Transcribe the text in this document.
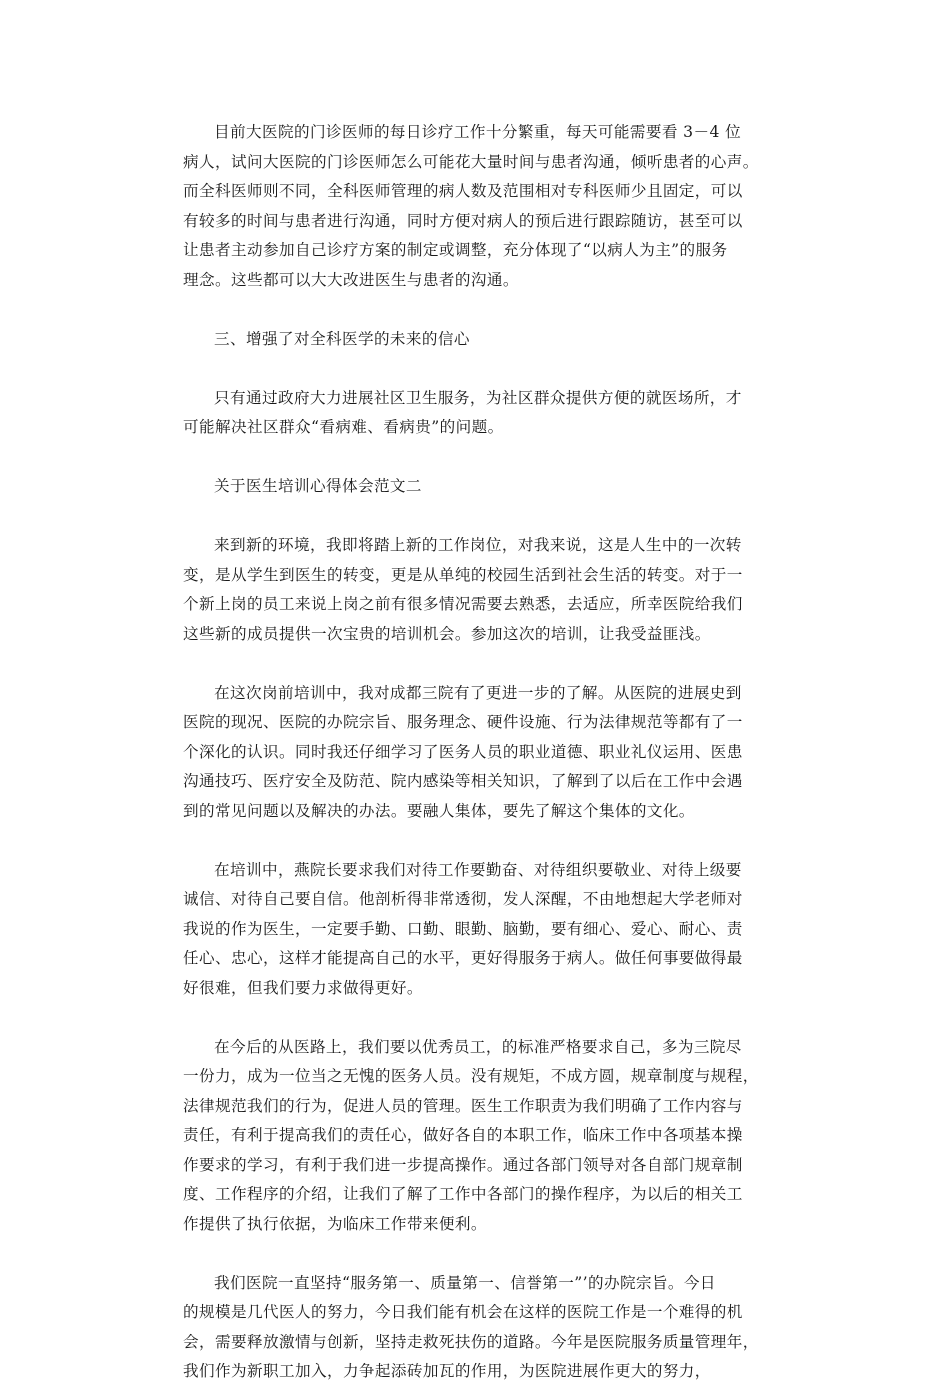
目前大医院的门诊医师的每日诊疗工作十分繁重，每天可能需要看 3－4 位
病人，试问大医院的门诊医师怎么可能花大量时间与患者沟通，倾听患者的心声。
而全科医师则不同，全科医师管理的病人数及范围相对专科医师少且固定，可以
有较多的时间与患者进行沟通，同时方便对病人的预后进行跟踪随访，甚至可以
让患者主动参加自己诊疗方案的制定或调整，充分体现了“以病人为主”的服务
理念。这些都可以大大改进医生与患者的沟通。
三、增强了对全科医学的未来的信心
只有通过政府大力进展社区卫生服务，为社区群众提供方便的就医场所，才
可能解决社区群众“看病难、看病贵”的问题。
关于医生培训心得体会范文二
来到新的环境，我即将踏上新的工作岗位，对我来说，这是人生中的一次转
变，是从学生到医生的转变，更是从单纯的校园生活到社会生活的转变。对于一
个新上岗的员工来说上岗之前有很多情况需要去熟悉，去适应，所幸医院给我们
这些新的成员提供一次宝贵的培训机会。参加这次的培训，让我受益匪浅。
在这次岗前培训中，我对成都三院有了更进一步的了解。从医院的进展史到
医院的现况、医院的办院宗旨、服务理念、硬件设施、行为法律规范等都有了一
个深化的认识。同时我还仔细学习了医务人员的职业道德、职业礼仪运用、医患
沟通技巧、医疗安全及防范、院内感染等相关知识，了解到了以后在工作中会遇
到的常见问题以及解决的办法。要融人集体，要先了解这个集体的文化。
在培训中，燕院长要求我们对待工作要勤奋、对待组织要敬业、对待上级要
诚信、对待自己要自信。他剖析得非常透彻，发人深醒，不由地想起大学老师对
我说的作为医生，一定要手勤、口勤、眼勤、脑勤，要有细心、爱心、耐心、责
任心、忠心，这样才能提高自己的水平，更好得服务于病人。做任何事要做得最
好很难，但我们要力求做得更好。
在今后的从医路上，我们要以优秀员工，的标准严格要求自己，多为三院尽
一份力，成为一位当之无愧的医务人员。没有规矩，不成方圆，规章制度与规程，
法律规范我们的行为，促进人员的管理。医生工作职责为我们明确了工作内容与
责任，有利于提高我们的责任心，做好各自的本职工作，临床工作中各项基本操
作要求的学习，有利于我们进一步提高操作。通过各部门领导对各自部门规章制
度、工作程序的介绍，让我们了解了工作中各部门的操作程序，为以后的相关工
作提供了执行依据，为临床工作带来便利。
我们医院一直坚持“服务第一、质量第一、信誉第一”’的办院宗旨。今日
的规模是几代医人的努力，今日我们能有机会在这样的医院工作是一个难得的机
会，需要释放激情与创新，坚持走救死扶伤的道路。今年是医院服务质量管理年，
我们作为新职工加入，力争起添砖加瓦的作用，为医院进展作更大的努力，
